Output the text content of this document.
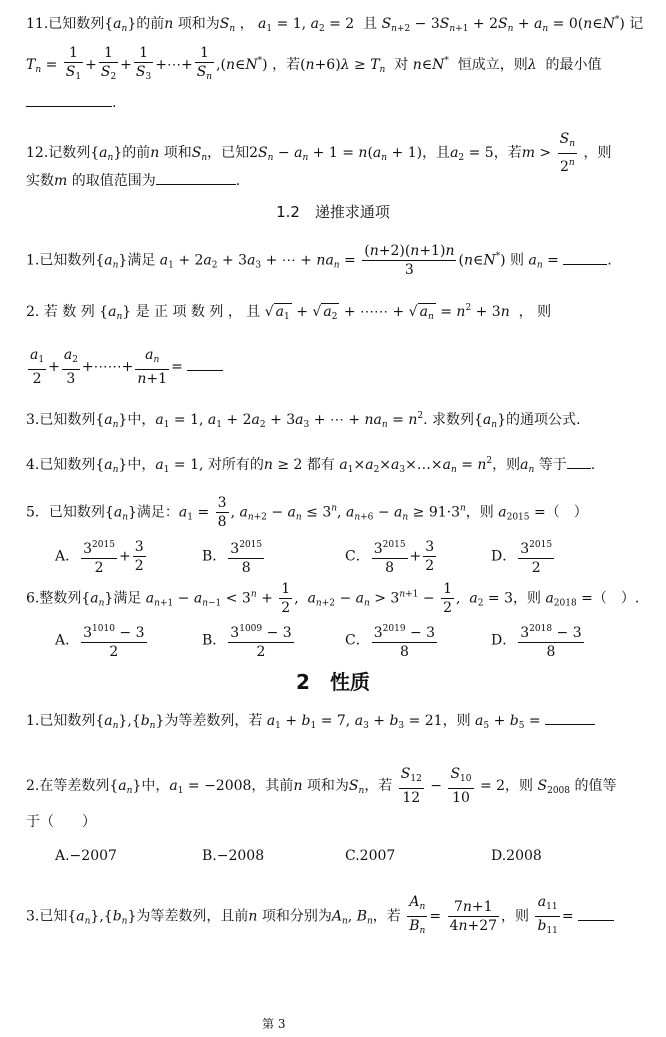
11.已知数列$\{a_n\}$的前n 项和为$S_n$ ， $a_1 = 1$, $a_2 = 2$  且 $S_{n+2} - 3S_{n+1} + 2S_n + a_n$ = 0(n∈N*) 记
$T_n = \frac{1}{S_1} + \frac{1}{S_2} + \frac{1}{S_3}$ +⋯+ $\frac{1}{S_n}$ ,(n∈N*) ，若$(n+6)\lambda \ge T_n$  对 n∈N*  恒成立，则λ  的最小值
.
12.记数列$\{a_n\}$的前n 项和$S_n$，已知$2S_n - a_n + 1 = n(a_n + 1)$，且$a_2 = 5$，若$m > \frac{S_n}{2^n}$ ，则
实数m 的取值范围为	.
1.2　递推求通项
1.已知数列$\{a_n\}$满足 $a_1 + 2a_2 + 3a_3$ + ⋯ + $na_n = \frac{(n+2)(n+1)n}{3}$ (n∈N*) 则 $a_n$ =	.
2. 若 数 列 $\{a_n\}$ 是 正 项 数 列 ， 且 √ $a_1$ + √ $a_2$ + ⋯⋯ + √ $a_n = n^2 + 3n$  ， 则
$\frac{a_1}{2} + \frac{a_2}{3}$ +⋯⋯+ $\frac{a_n}{n+1}$ =
3.已知数列$\{a_n\}$中，$a_1 = 1$, $a_1 + 2a_2 + 3a_3$ + ⋯ + $na_n = n^2$. 求数列$\{a_n\}$的通项公式.
4.已知数列$\{a_n\}$中，$a_1 = 1$, 对所有的n ≥ 2 都有 $a_1\times a_2\times a_3\times\dots\times a_n = n^2$，则$a_n$ 等于 .
5．已知数列$\{a_n\}$满足：$a_1 = \frac{3}{8}$ , $a_{n+2} - a_n \le 3^n$, $a_{n+6} - a_n \ge 91\cdot 3^n$，则 $a_{2015}$ =（　）
A． $\frac{3^{2015}}{2} + \frac{3}{2}$	B． $\frac{3^{2015}}{8}$	C． $\frac{3^{2015}}{8} + \frac{3}{2}$	D． $\frac{3^{2015}}{2}$
6.整数列$\{a_n\}$满足 $a_{n+1} - a_{n-1} < 3^n + \frac{1}{2}$ ,  $a_{n+2} - a_n > 3^{n+1} - \frac{1}{2}$ ,  $a_2 = 3$，则 $a_{2018}$ =（　）.
A． $\frac{3^{1010} - 3}{2}$	B． $\frac{3^{1009} - 3}{2}$	C． $\frac{3^{2019} - 3}{8}$	D． $\frac{3^{2018} - 3}{8}$
2　性质
1.已知数列$\{a_n\},\{b_n\}$为等差数列，若 $a_1 + b_1 = 7$, $a_3 + b_3 = 21$，则 $a_5 + b_5$ =
2.在等差数列$\{a_n\}$中，$a_1 = -2008$，其前n 项和为$S_n$，若 $\frac{S_{12}}{12} - \frac{S_{10}}{10} = 2$，则 $S_{2008}$ 的值等
于（　　）
A.−2007	B.−2008	C.2007	D.2008
3.已知$\{a_n\},\{b_n\}$为等差数列，且前n 项和分别为$A_n$, $B_n$，若 $\frac{A_n}{B_n} = \frac{7n+1}{4n+27}$ ，则 $\frac{a_{11}}{b_{11}}$ =
第 3
